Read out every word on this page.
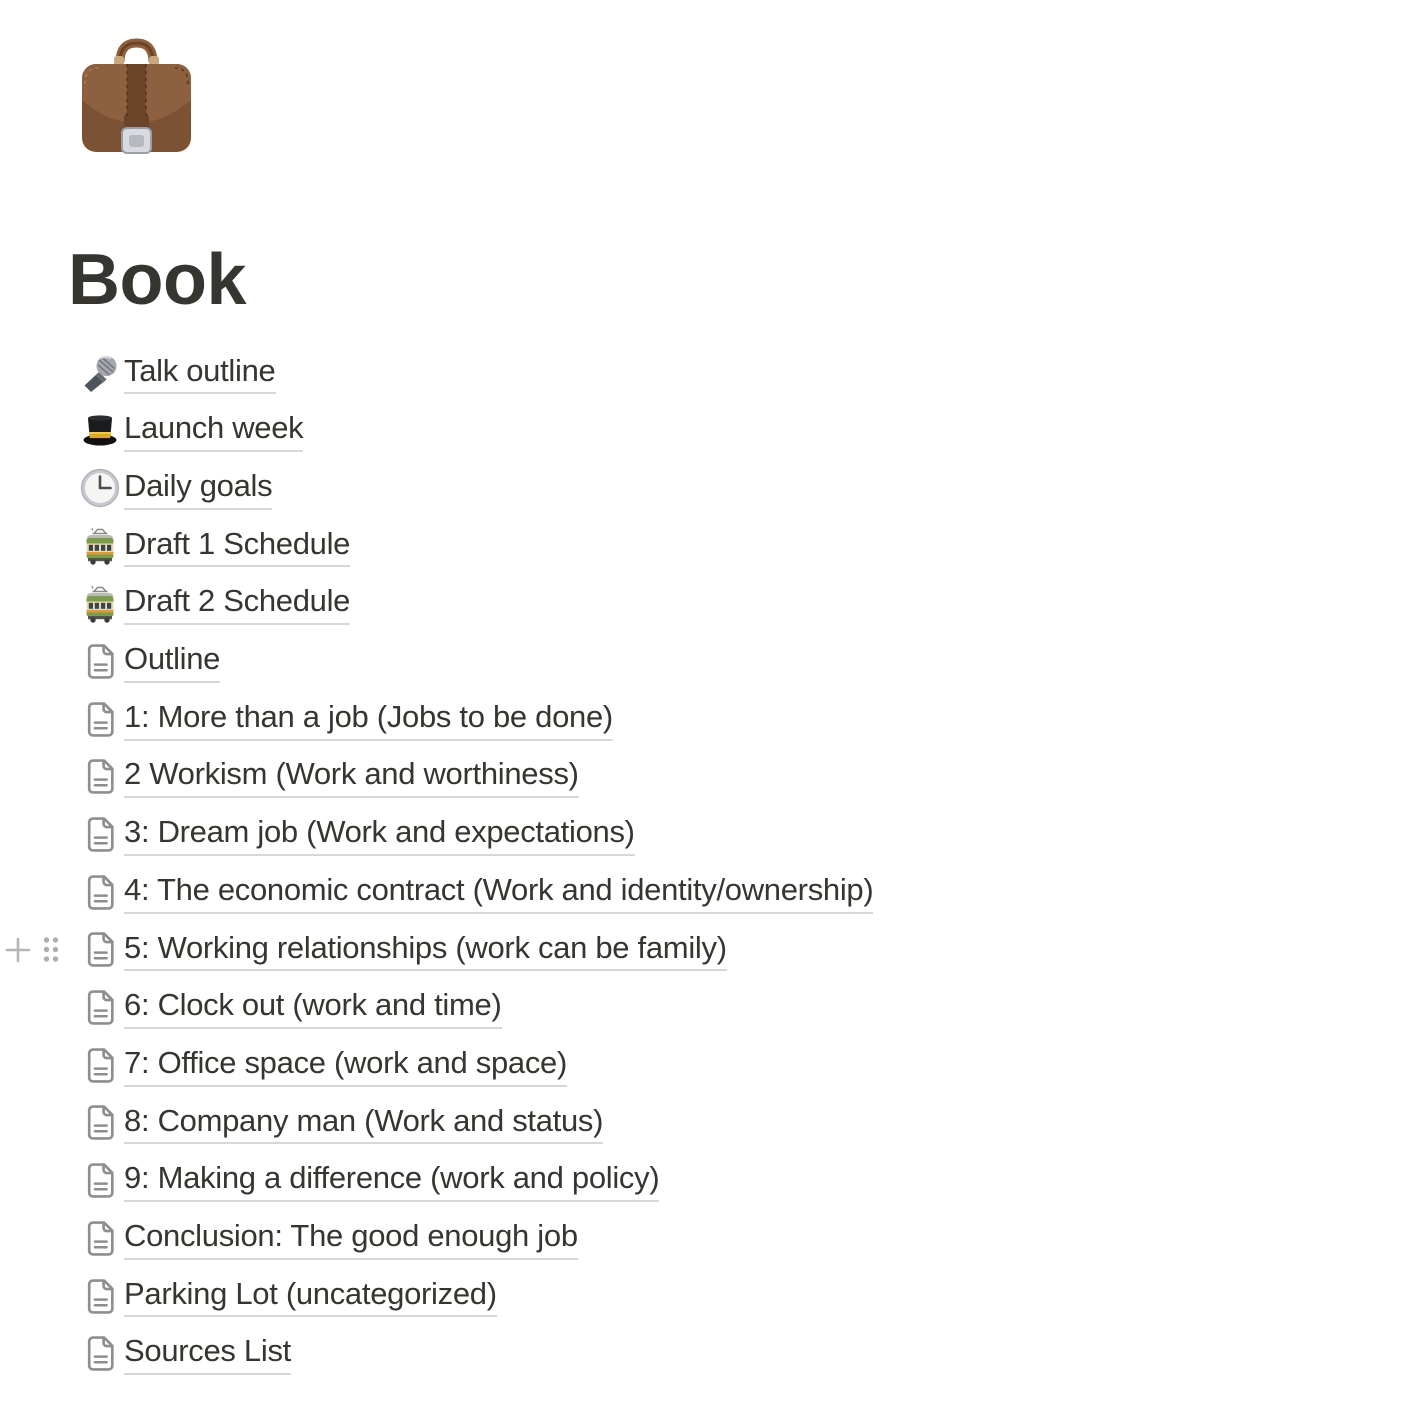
Book
Talk outline
Launch week
Daily goals
Draft 1 Schedule
Draft 2 Schedule
Outline
1: More than a job (Jobs to be done)
2 Workism (Work and worthiness)
3: Dream job (Work and expectations)
4: The economic contract (Work and identity/ownership)
5: Working relationships (work can be family)
6: Clock out (work and time)
7: Office space (work and space)
8: Company man (Work and status)
9: Making a difference (work and policy)
Conclusion: The good enough job
Parking Lot (uncategorized)
Sources List
